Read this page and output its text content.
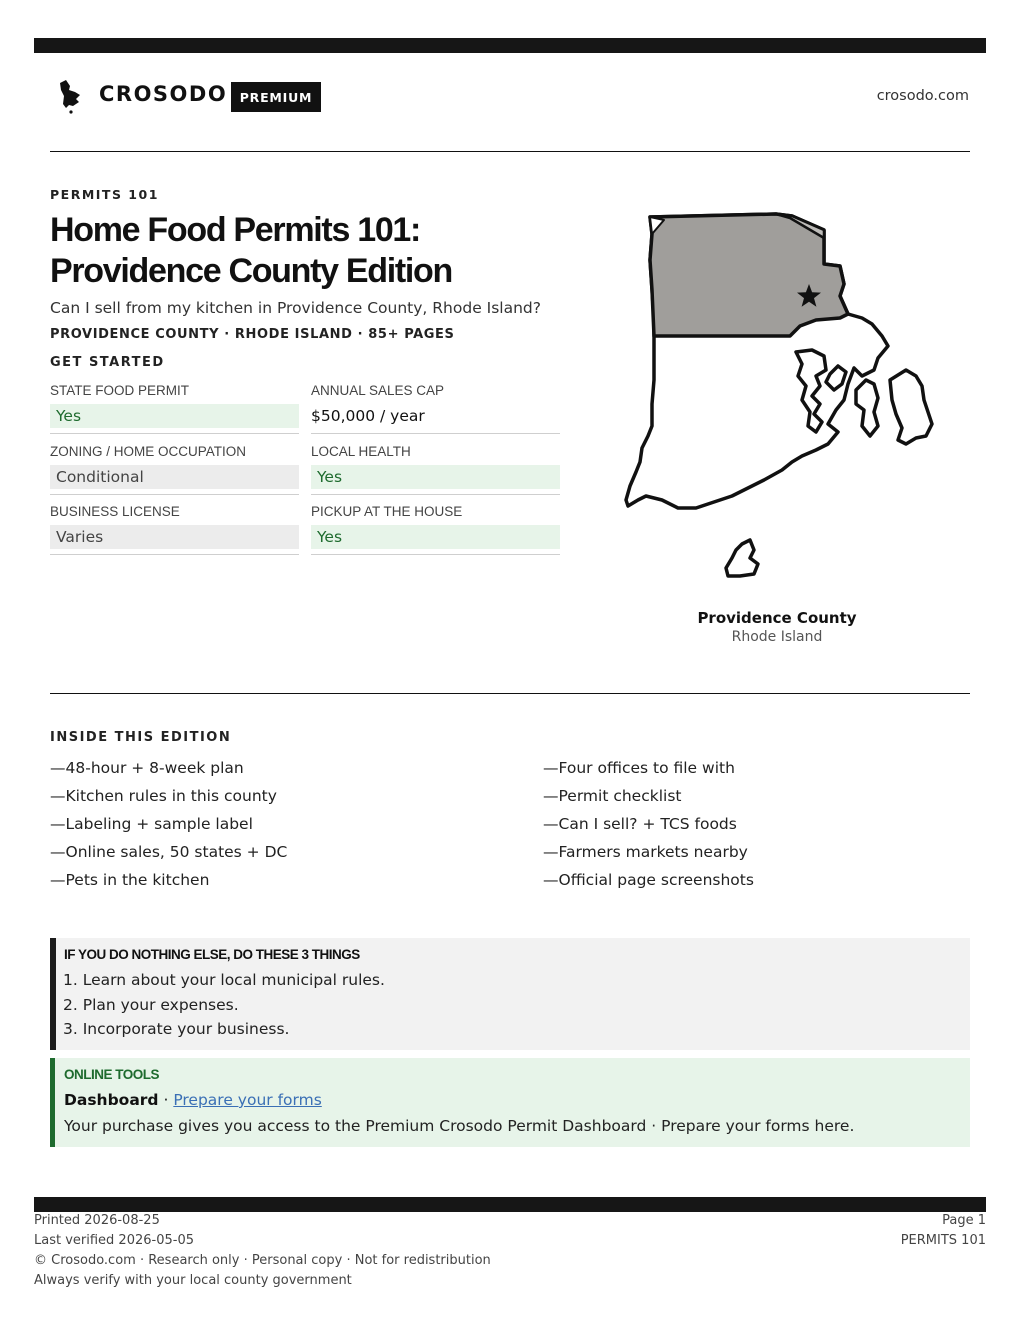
CROSODO PREMIUM	crosodo.com
PERMITS 101
Home Food Permits 101:
Providence County Edition
Can I sell from my kitchen in Providence County, Rhode Island?
PROVIDENCE COUNTY · RHODE ISLAND · 85+ PAGES
GET STARTED
STATE FOOD PERMIT
Yes
ANNUAL SALES CAP
$50,000 / year
ZONING / HOME OCCUPATION
Conditional
LOCAL HEALTH
Yes
BUSINESS LICENSE
Varies
PICKUP AT THE HOUSE
Yes
Providence County
Rhode Island
INSIDE THIS EDITION
—48-hour + 8-week plan
—Kitchen rules in this county
—Labeling + sample label
—Online sales, 50 states + DC
—Pets in the kitchen
—Four offices to file with
—Permit checklist
—Can I sell? + TCS foods
—Farmers markets nearby
—Official page screenshots
IF YOU DO NOTHING ELSE, DO THESE 3 THINGS
1. Learn about your local municipal rules.
2. Plan your expenses.
3. Incorporate your business.
ONLINE TOOLS
Dashboard · Prepare your forms
Your purchase gives you access to the Premium Crosodo Permit Dashboard · Prepare your forms here.
Printed 2026-08-25
Last verified 2026-05-05
© Crosodo.com · Research only · Personal copy · Not for redistribution
Always verify with your local county government
Page 1
PERMITS 101
